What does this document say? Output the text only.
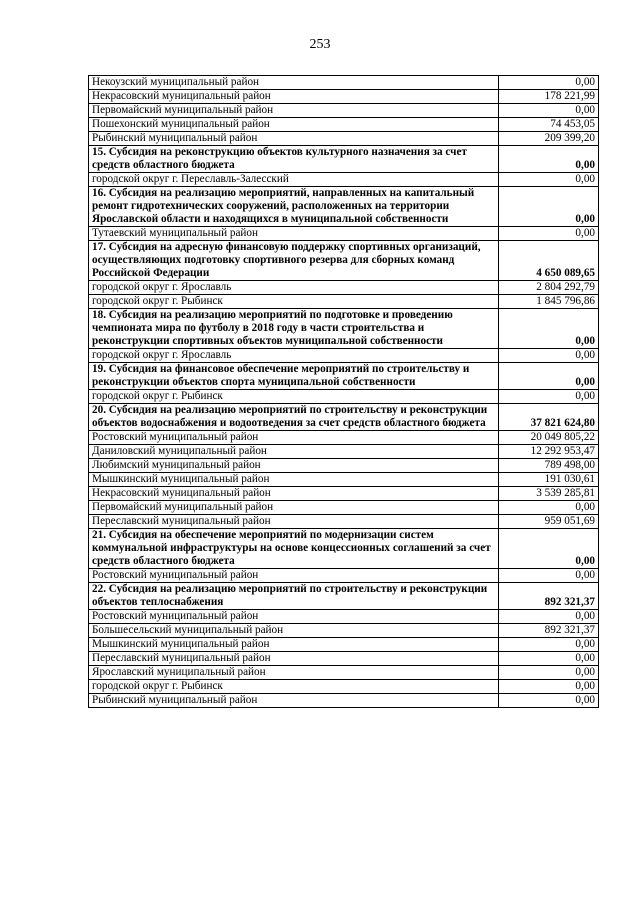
253
Некоузский муниципальный район	0,00
Некрасовский муниципальный район	178 221,99
Первомайский муниципальный район	0,00
Пошехонский муниципальный район	74 453,05
Рыбинский муниципальный район	209 399,20
15. Субсидия на реконструкцию объектов культурного назначения за счет средств областного бюджета	0,00
городской округ г. Переславль-Залесский	0,00
16. Субсидия на реализацию мероприятий, направленных на капитальный ремонт гидротехнических сооружений, расположенных на территории Ярославской области и находящихся в муниципальной собственности	0,00
Тутаевский муниципальный район	0,00
17. Субсидия на адресную финансовую поддержку спортивных организаций, осуществляющих подготовку спортивного резерва для сборных команд Российской Федерации	4 650 089,65
городской округ г. Ярославль	2 804 292,79
городской округ г. Рыбинск	1 845 796,86
18. Субсидия на реализацию мероприятий по подготовке и проведению чемпионата мира по футболу в 2018 году в части строительства и реконструкции спортивных объектов муниципальной собственности	0,00
городской округ г. Ярославль	0,00
19. Субсидия на финансовое обеспечение мероприятий по строительству и реконструкции объектов спорта муниципальной собственности	0,00
городской округ г. Рыбинск	0,00
20. Субсидия на реализацию мероприятий по строительству и реконструкции объектов водоснабжения и водоотведения за счет средств областного бюджета	37 821 624,80
Ростовский муниципальный район	20 049 805,22
Даниловский муниципальный район	12 292 953,47
Любимский муниципальный район	789 498,00
Мышкинский муниципальный район	191 030,61
Некрасовский муниципальный район	3 539 285,81
Первомайский муниципальный район	0,00
Переславский муниципальный район	959 051,69
21. Субсидия на обеспечение мероприятий по модернизации систем коммунальной инфраструктуры на основе концессионных соглашений за счет средств областного бюджета	0,00
Ростовский муниципальный район	0,00
22. Субсидия на реализацию мероприятий по строительству и реконструкции объектов теплоснабжения	892 321,37
Ростовский муниципальный район	0,00
Большесельский муниципальный район	892 321,37
Мышкинский муниципальный район	0,00
Переславский муниципальный район	0,00
Ярославский муниципальный район	0,00
городской округ г. Рыбинск	0,00
Рыбинский муниципальный район	0,00
